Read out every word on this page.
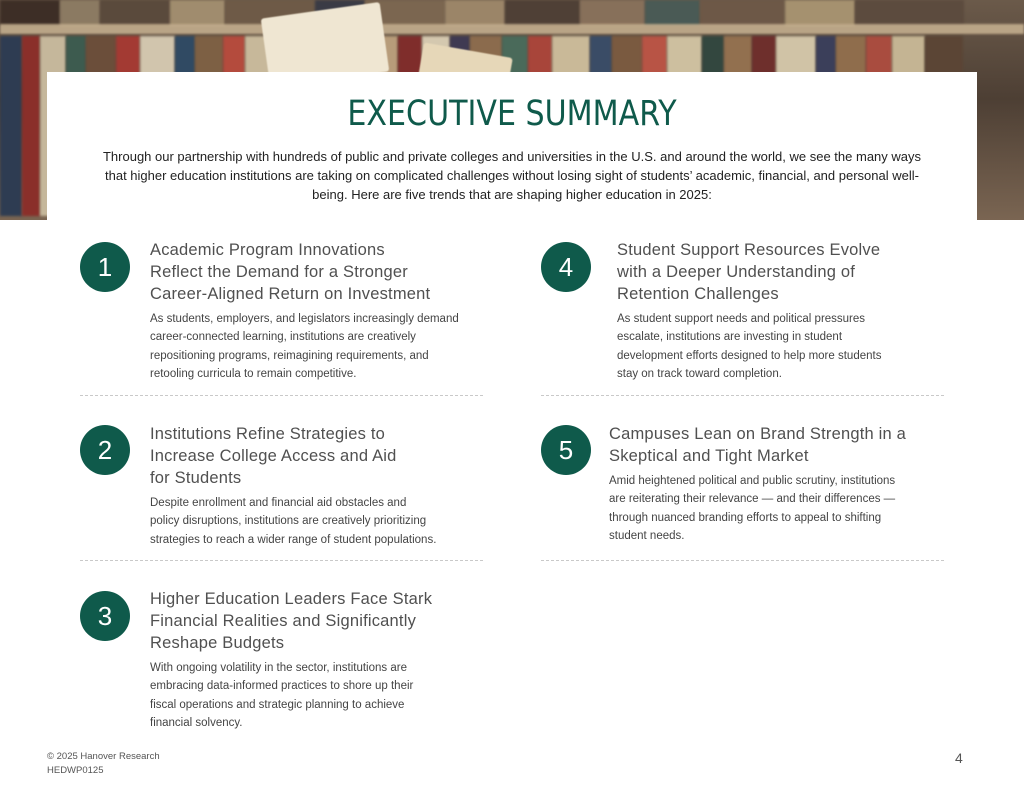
EXECUTIVE SUMMARY
Through our partnership with hundreds of public and private colleges and universities in the U.S. and around the world, we see the many ways that higher education institutions are taking on complicated challenges without losing sight of students’ academic, financial, and personal well-being. Here are five trends that are shaping higher education in 2025:
1
Academic Program Innovations
Reflect the Demand for a Stronger
Career-Aligned Return on Investment
As students, employers, and legislators increasingly demand
career-connected learning, institutions are creatively
repositioning programs, reimagining requirements, and
retooling curricula to remain competitive.
2
Institutions Refine Strategies to
Increase College Access and Aid
for Students
Despite enrollment and financial aid obstacles and
policy disruptions, institutions are creatively prioritizing
strategies to reach a wider range of student populations.
3
Higher Education Leaders Face Stark
Financial Realities and Significantly
Reshape Budgets
With ongoing volatility in the sector, institutions are
embracing data-informed practices to shore up their
fiscal operations and strategic planning to achieve
financial solvency.
4
Student Support Resources Evolve
with a Deeper Understanding of
Retention Challenges
As student support needs and political pressures
escalate, institutions are investing in student
development efforts designed to help more students
stay on track toward completion.
5
Campuses Lean on Brand Strength in a
Skeptical and Tight Market
Amid heightened political and public scrutiny, institutions
are reiterating their relevance — and their differences —
through nuanced branding efforts to appeal to shifting
student needs.
© 2025 Hanover Research
HEDWP0125
4
